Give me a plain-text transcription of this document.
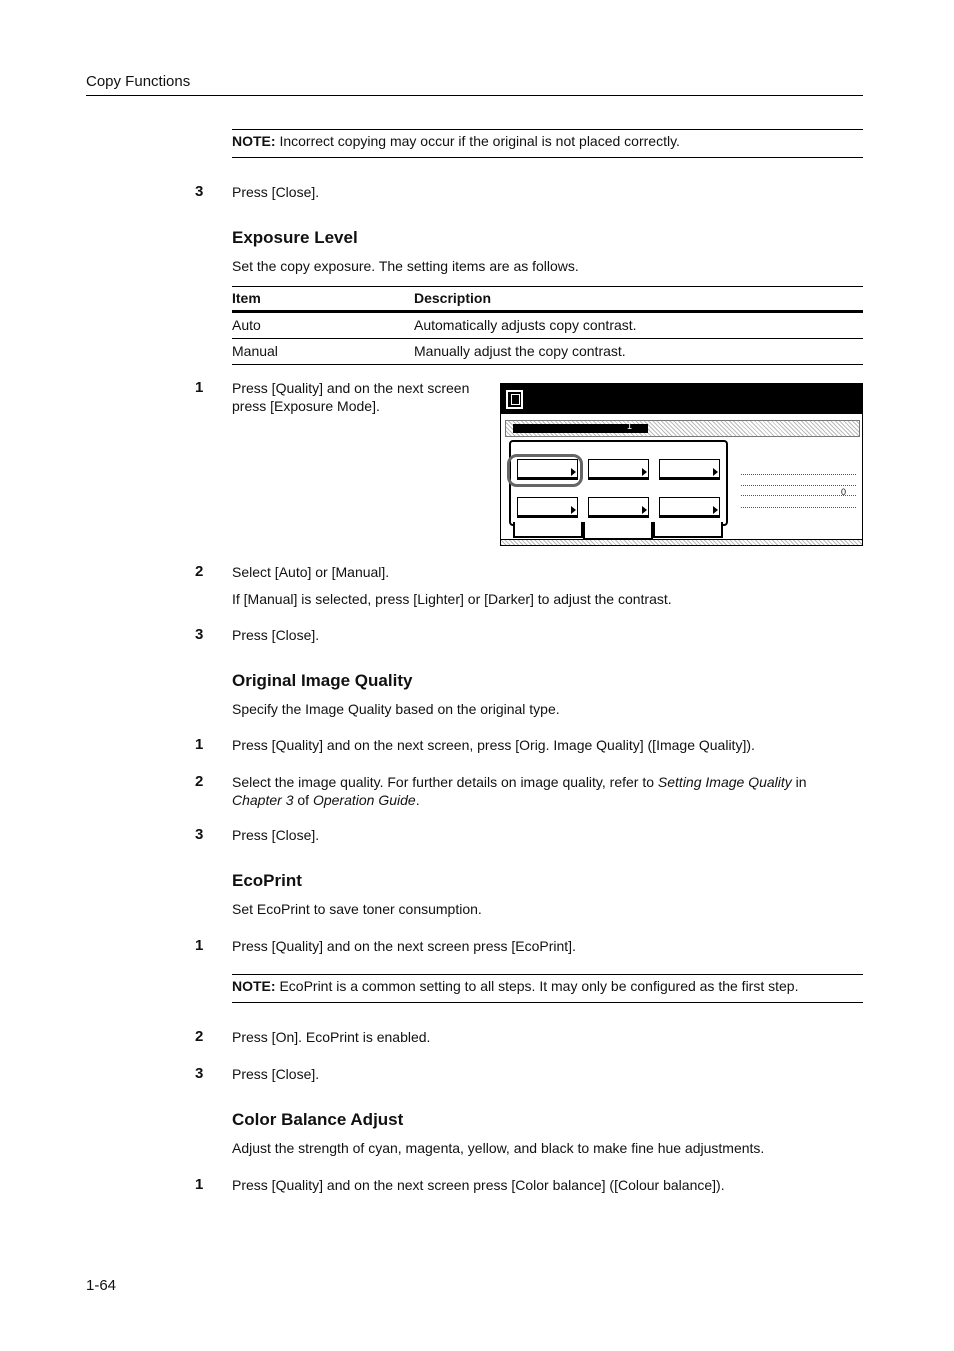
Copy Functions
NOTE: Incorrect copying may occur if the original is not placed correctly.
3 Press [Close].
Exposure Level
Set the copy exposure. The setting items are as follows.
Item	Description
Auto	Automatically adjusts copy contrast.
Manual	Manually adjust the copy contrast.
1 Press [Quality] and on the next screen press [Exposure Mode].
1
0
2 Select [Auto] or [Manual].
If [Manual] is selected, press [Lighter] or [Darker] to adjust the contrast.
3 Press [Close].
Original Image Quality
Specify the Image Quality based on the original type.
1 Press [Quality] and on the next screen, press [Orig. Image Quality] ([Image Quality]).
2 Select the image quality. For further details on image quality, refer to Setting Image Quality in
Chapter 3 of Operation Guide.
3 Press [Close].
EcoPrint
Set EcoPrint to save toner consumption.
1 Press [Quality] and on the next screen press [EcoPrint].
NOTE: EcoPrint is a common setting to all steps. It may only be configured as the first step.
2 Press [On]. EcoPrint is enabled.
3 Press [Close].
Color Balance Adjust
Adjust the strength of cyan, magenta, yellow, and black to make fine hue adjustments.
1 Press [Quality] and on the next screen press [Color balance] ([Colour balance]).
1-64
